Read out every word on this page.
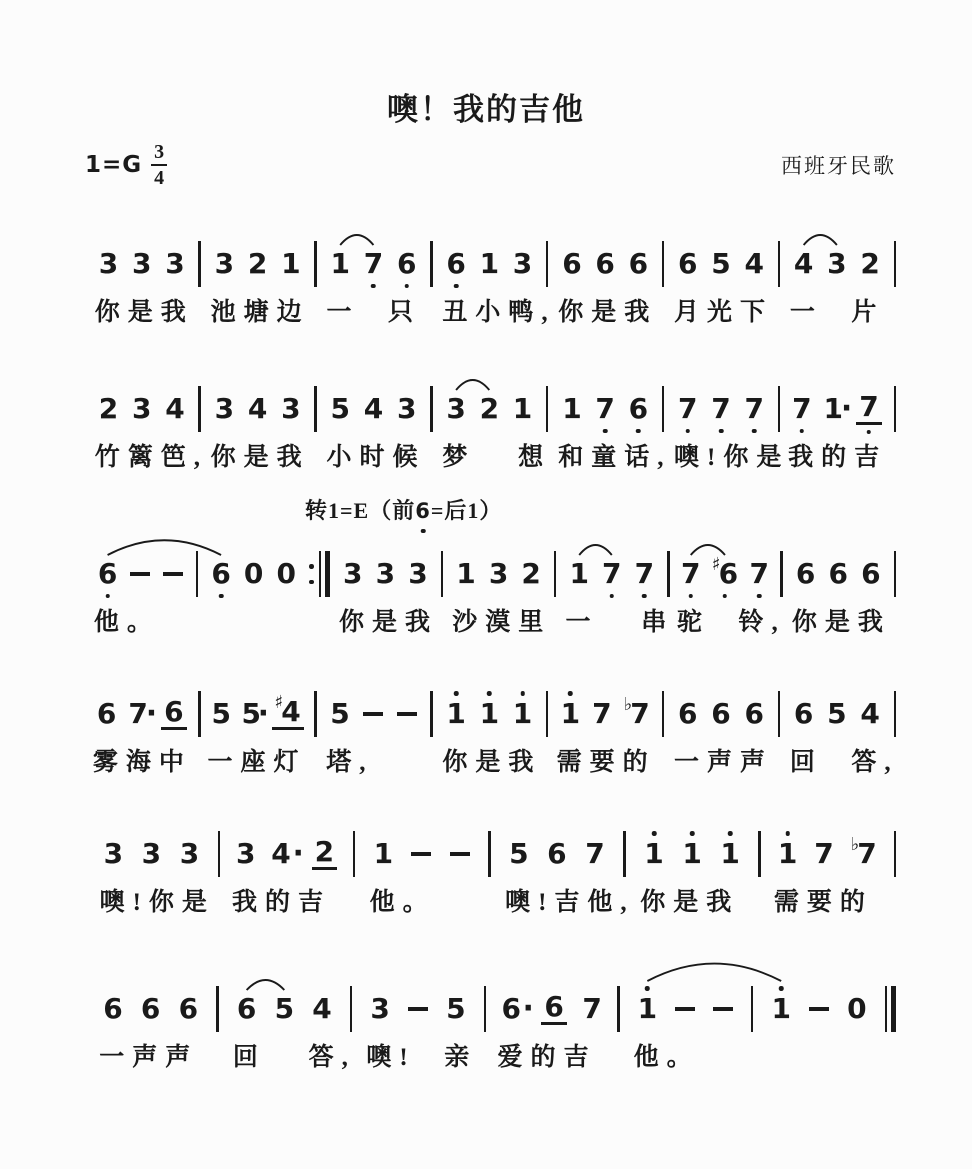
噢！我的吉他
$1=G \frac{3}{4}$	西班牙民歌
转1=E（前6
=后1）
3 3 3 3 2 1 1 7 6 6 1 3 6 6 6 6 5 4 4 3 2
你是我 池塘边 一  只 丑小鸭, 你是我 月光下 一  片
2 3 4 3 4 3 5 4 3 3 2 1 1 7 6 7 7 7 7 1
· 7
竹篱笆, 你是我 小时候 梦   想 和童话, 噢!你是
我的吉
6	6 0 0 3 3 3 1 3 2 1 7 7 7 ♯
6 7 6 6 6
他。	你是我 沙漠里 一   串 驼  铃, 你是我
6 7
· 6 5 5
· ♯
4 5	1 1 1 1 7 ♭
7 6 6 6 6 5 4
雾海中 一座灯 塔,	你是我 需要的 一声声 回  答,
3 3 3 3 4 · 2 1	5 6 7 1 1 1 1 7 ♭
7
噢!你是 我的吉 他。	噢!吉他, 你是我 需要的
6 6 6 6 5 4 3 5 6 · 6 7 1	1 0
一声声 回   答, 噢!  亲 爱的吉 他。
